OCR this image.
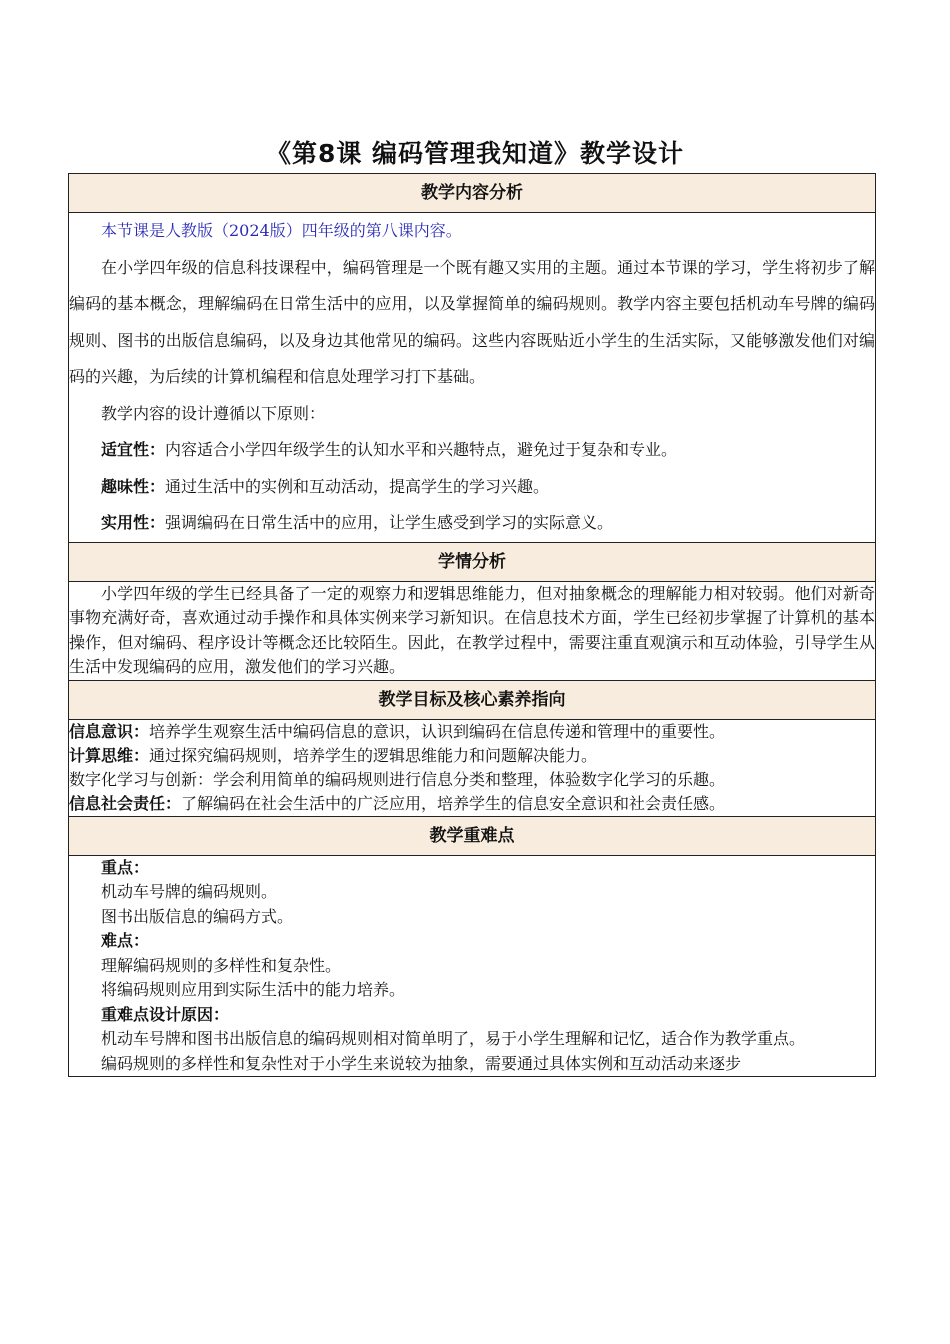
《第8课 编码管理我知道》教学设计
教学内容分析

本节课是人教版（2024版）四年级的第八课内容。

在小学四年级的信息科技课程中，编码管理是一个既有趣又实用的主题。通过本节课的学习，学生将初步了解编码的基本概念，理解编码在日常生活中的应用，以及掌握简单的编码规则。教学内容主要包括机动车号牌的编码规则、图书的出版信息编码，以及身边其他常见的编码。这些内容既贴近小学生的生活实际，又能够激发他们对编码的兴趣，为后续的计算机编程和信息处理学习打下基础。

教学内容的设计遵循以下原则：

适宜性：内容适合小学四年级学生的认知水平和兴趣特点，避免过于复杂和专业。

趣味性：通过生活中的实例和互动活动，提高学生的学习兴趣。

实用性：强调编码在日常生活中的应用，让学生感受到学习的实际意义。

学情分析

小学四年级的学生已经具备了一定的观察力和逻辑思维能力，但对抽象概念的理解能力相对较弱。他们对新奇事物充满好奇，喜欢通过动手操作和具体实例来学习新知识。在信息技术方面，学生已经初步掌握了计算机的基本操作，但对编码、程序设计等概念还比较陌生。因此，在教学过程中，需要注重直观演示和互动体验，引导学生从生活中发现编码的应用，激发他们的学习兴趣。

教学目标及核心素养指向

信息意识：培养学生观察生活中编码信息的意识，认识到编码在信息传递和管理中的重要性。

计算思维：通过探究编码规则，培养学生的逻辑思维能力和问题解决能力。

数字化学习与创新：学会利用简单的编码规则进行信息分类和整理，体验数字化学习的乐趣。

信息社会责任：了解编码在社会生活中的广泛应用，培养学生的信息安全意识和社会责任感。

教学重难点

重点：

机动车号牌的编码规则。

图书出版信息的编码方式。

难点：

理解编码规则的多样性和复杂性。

将编码规则应用到实际生活中的能力培养。

重难点设计原因：

机动车号牌和图书出版信息的编码规则相对简单明了，易于小学生理解和记忆，适合作为教学重点。

编码规则的多样性和复杂性对于小学生来说较为抽象，需要通过具体实例和互动活动来逐步
